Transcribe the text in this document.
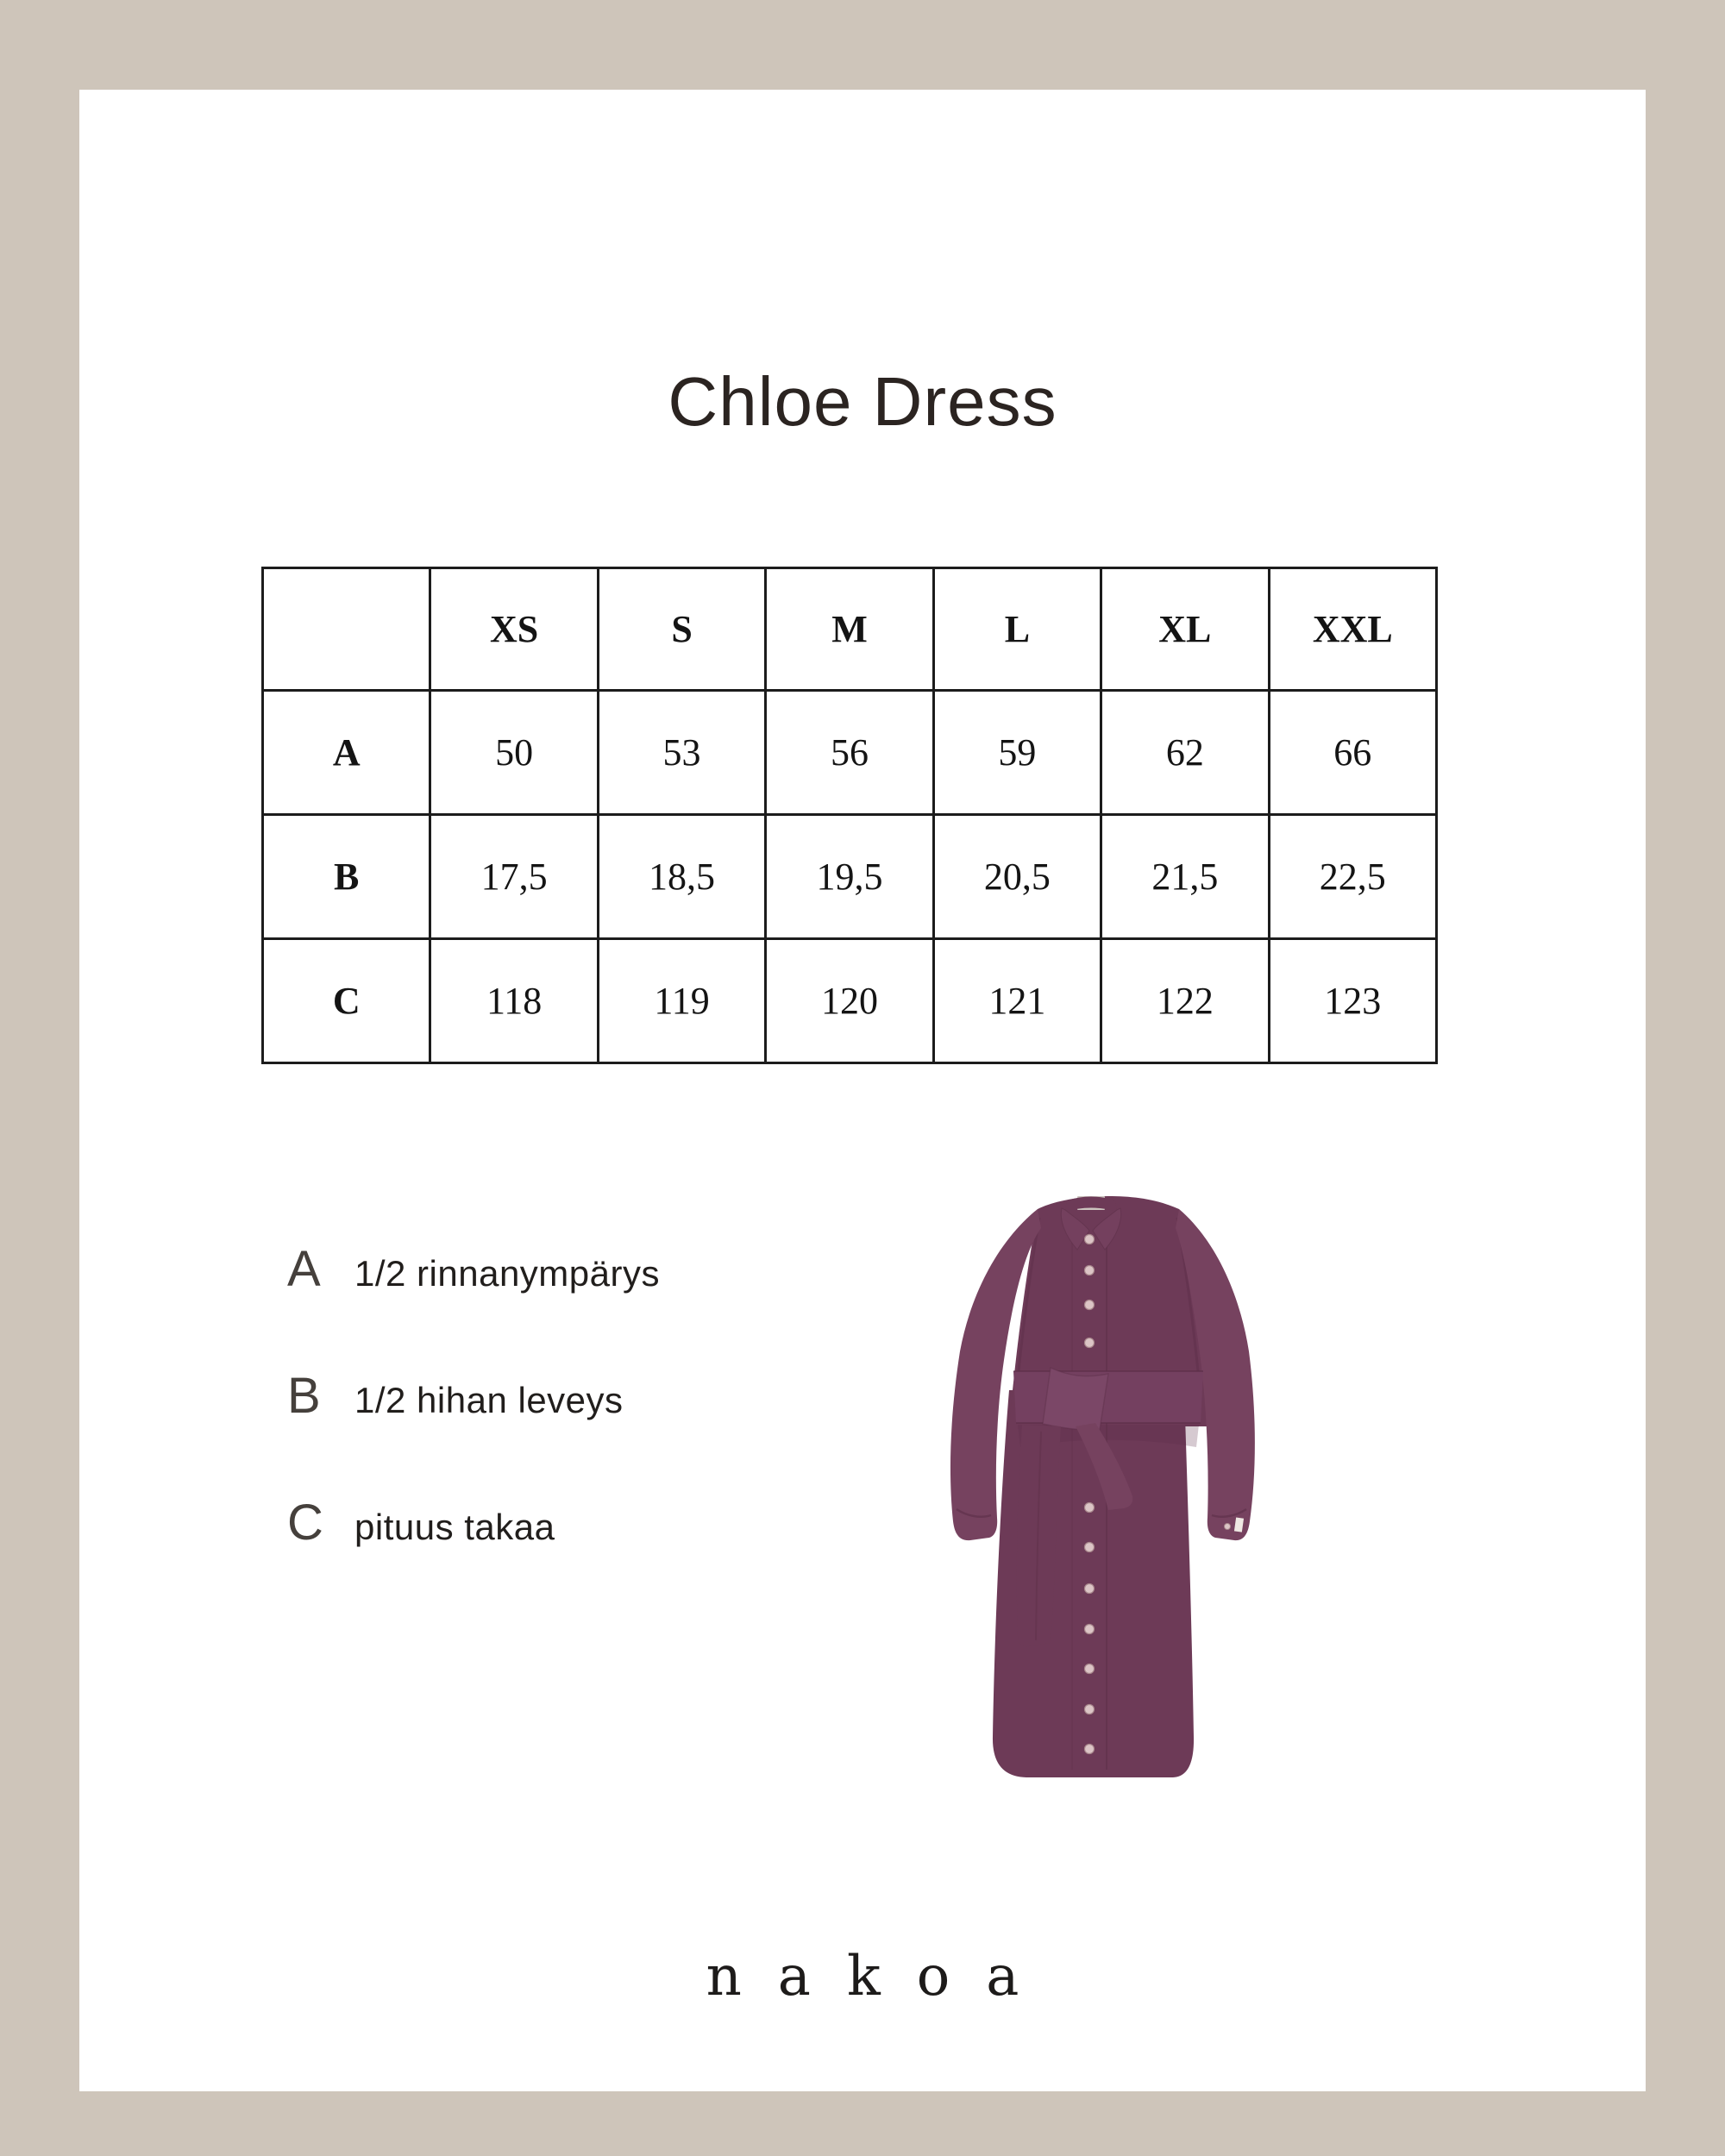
Chloe Dress
	XS	S	M	L	XL	XXL
A	50	53	56	59	62	66
B	17,5	18,5	19,5	20,5	21,5	22,5
C	118	119	120	121	122	123
A 1/2 rinnanympärys
B 1/2 hihan leveys
C pituus takaa
nakoa
